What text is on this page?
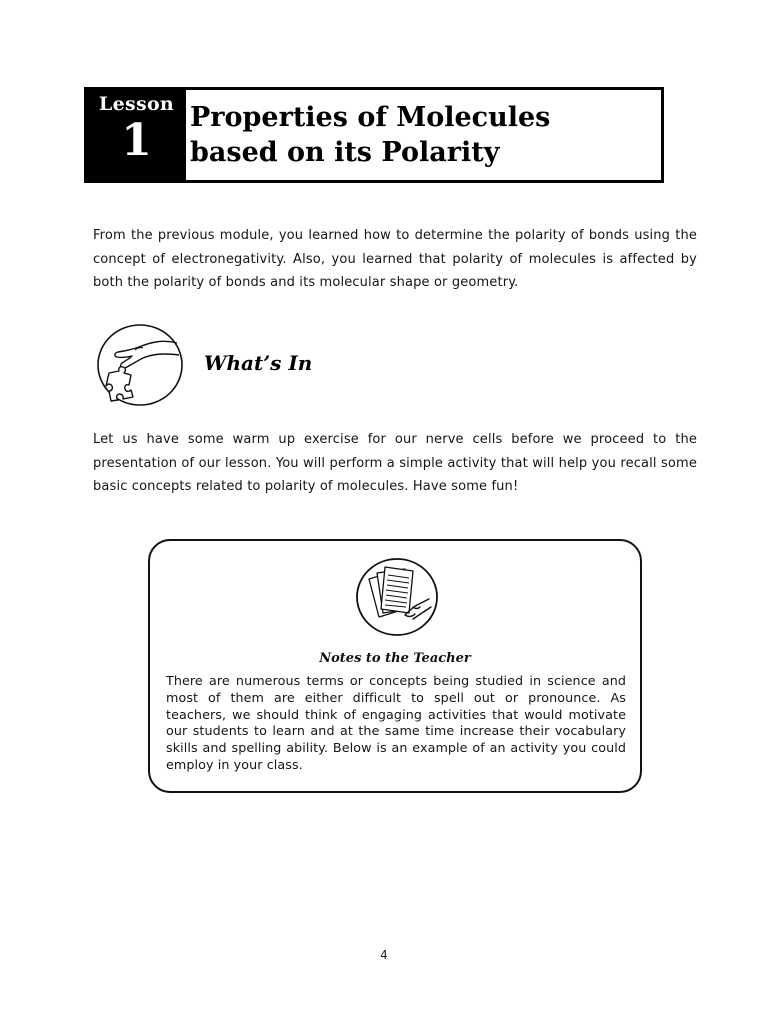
Lesson
1	Properties of Molecules
based on its Polarity

From the previous module, you learned how to determine the polarity of bonds using the concept of electronegativity. Also, you learned that polarity of molecules is affected by both the polarity of bonds and its molecular shape or geometry.

What’s In

Let us have some warm up exercise for our nerve cells before we proceed to the presentation of our lesson. You will perform a simple activity that will help you recall some basic concepts related to polarity of molecules. Have some fun!

Notes to the Teacher

There are numerous terms or concepts being studied in science and most of them are either difficult to spell out or pronounce. As teachers, we should think of engaging activities that would motivate our students to learn and at the same time increase their vocabulary skills and spelling ability. Below is an example of an activity you could employ in your class.

4
